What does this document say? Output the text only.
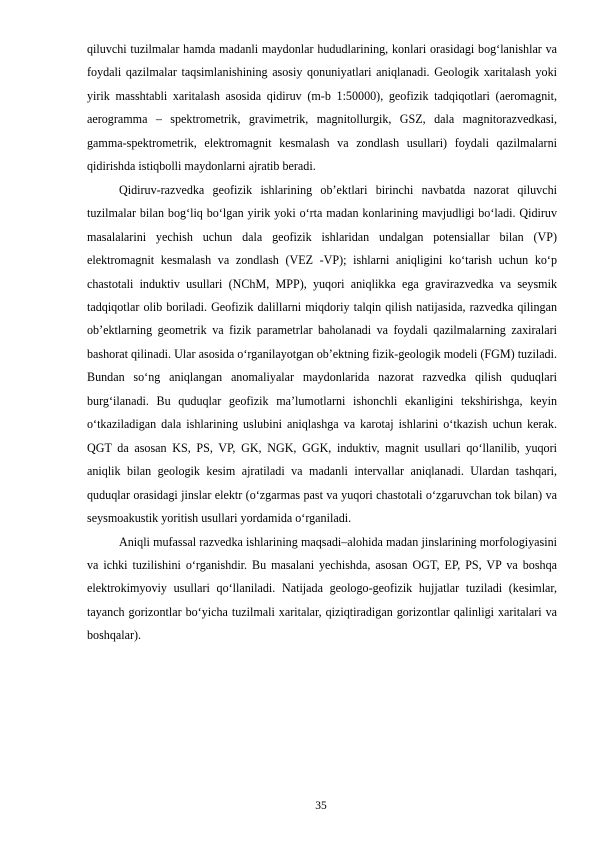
qiluvchi tuzilmalar hamda madanli maydonlar hududlarining, konlari orasidagi bog‘lanishlar va foydali qazilmalar taqsimlanishining asosiy qonuniyatlari aniqlanadi. Geologik xaritalash yoki yirik masshtabli xaritalash asosida qidiruv (m-b 1:50000), geofizik tadqiqotlari (aeromagnit, aerogramma – spektrometrik, gravimetrik, magnitollurgik, GSZ, dala magnitorazvedkasi, gamma-spektrometrik, elektromagnit kesmalash va zondlash usullari) foydali qazilmalarni qidirishda istiqbolli maydonlarni ajratib beradi.

Qidiruv-razvedka geofizik ishlarining ob’ektlari birinchi navbatda nazorat qiluvchi tuzilmalar bilan bog‘liq bo‘lgan yirik yoki o‘rta madan konlarining mavjudligi bo‘ladi. Qidiruv masalalarini yechish uchun dala geofizik ishlaridan undalgan potensiallar bilan (VP) elektromagnit kesmalash va zondlash (VEZ -VP); ishlarni aniqligini ko‘tarish uchun ko‘p chastotali induktiv usullari (NChM, MPP), yuqori aniqlikka ega gravirazvedka va seysmik tadqiqotlar olib boriladi. Geofizik dalillarni miqdoriy talqin qilish natijasida, razvedka qilingan ob’ektlarning geometrik va fizik parametrlar baholanadi va foydali qazilmalarning zaxiralari bashorat qilinadi. Ular asosida o‘rganilayotgan ob’ektning fizik-geologik modeli (FGM) tuziladi. Bundan so‘ng aniqlangan anomaliyalar maydonlarida nazorat razvedka qilish quduqlari burg‘ilanadi. Bu quduqlar geofizik ma’lumotlarni ishonchli ekanligini tekshirishga, keyin o‘tkaziladigan dala ishlarining uslubini aniqlashga va karotaj ishlarini o‘tkazish uchun kerak. QGT da asosan KS, PS, VP, GK, NGK, GGK, induktiv, magnit usullari qo‘llanilib, yuqori aniqlik bilan geologik kesim ajratiladi va madanli intervallar aniqlanadi. Ulardan tashqari, quduqlar orasidagi jinslar elektr (o‘zgarmas past va yuqori chastotali o‘zgaruvchan tok bilan) va seysmoakustik yoritish usullari yordamida o‘rganiladi.

Aniqli mufassal razvedka ishlarining maqsadi–alohida madan jinslarining morfologiyasini va ichki tuzilishini o‘rganishdir. Bu masalani yechishda, asosan OGT, EP, PS, VP va boshqa elektrokimyoviy usullari qo‘llaniladi. Natijada geologo-geofizik hujjatlar tuziladi (kesimlar, tayanch gorizontlar bo‘yicha tuzilmali xaritalar, qiziqtiradigan gorizontlar qalinligi xaritalari va boshqalar).

35
